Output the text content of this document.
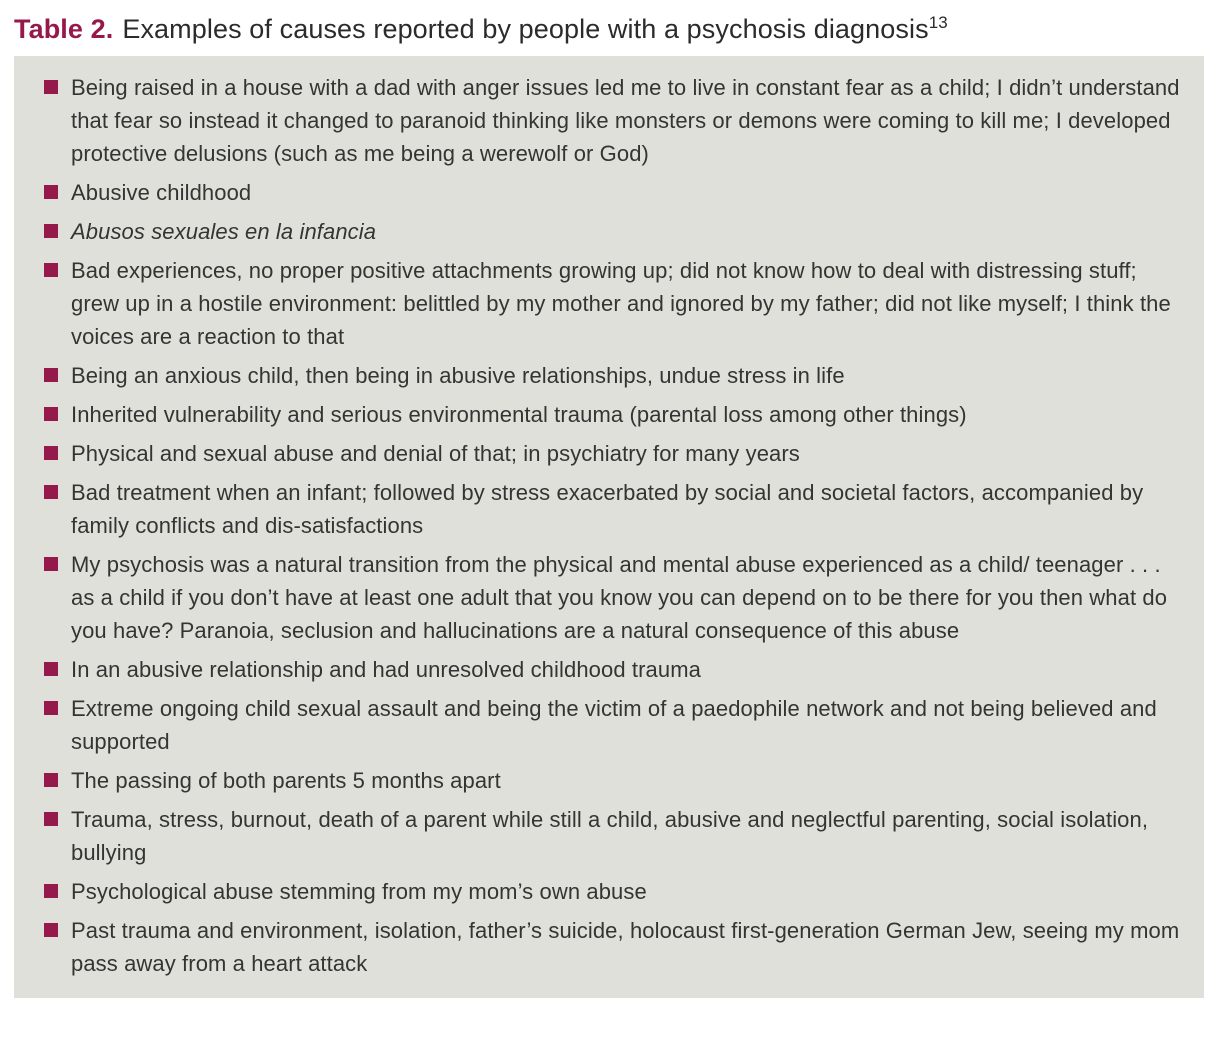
Table 2. Examples of causes reported by people with a psychosis diagnosis$^{13}$
Being raised in a house with a dad with anger issues led me to live in constant fear as a child; I didn’t understand that fear so instead it changed to paranoid thinking like monsters or demons were coming to kill me; I developed protective delusions (such as me being a werewolf or God)
Abusive childhood
Abusos sexuales en la infancia
Bad experiences, no proper positive attachments growing up; did not know how to deal with distressing stuff; grew up in a hostile environment: belittled by my mother and ignored by my father; did not like myself; I think the voices are a reaction to that
Being an anxious child, then being in abusive relationships, undue stress in life
Inherited vulnerability and serious environmental trauma (parental loss among other things)
Physical and sexual abuse and denial of that; in psychiatry for many years
Bad treatment when an infant; followed by stress exacerbated by social and societal factors, accompanied by family conflicts and dis-satisfactions
My psychosis was a natural transition from the physical and mental abuse experienced as a child/ teenager . . . as a child if you don’t have at least one adult that you know you can depend on to be there for you then what do you have? Paranoia, seclusion and hallucinations are a natural consequence of this abuse
In an abusive relationship and had unresolved childhood trauma
Extreme ongoing child sexual assault and being the victim of a paedophile network and not being believed and supported
The passing of both parents 5 months apart
Trauma, stress, burnout, death of a parent while still a child, abusive and neglectful parenting, social isolation, bullying
Psychological abuse stemming from my mom’s own abuse
Past trauma and environment, isolation, father’s suicide, holocaust first-generation German Jew, seeing my mom pass away from a heart attack
